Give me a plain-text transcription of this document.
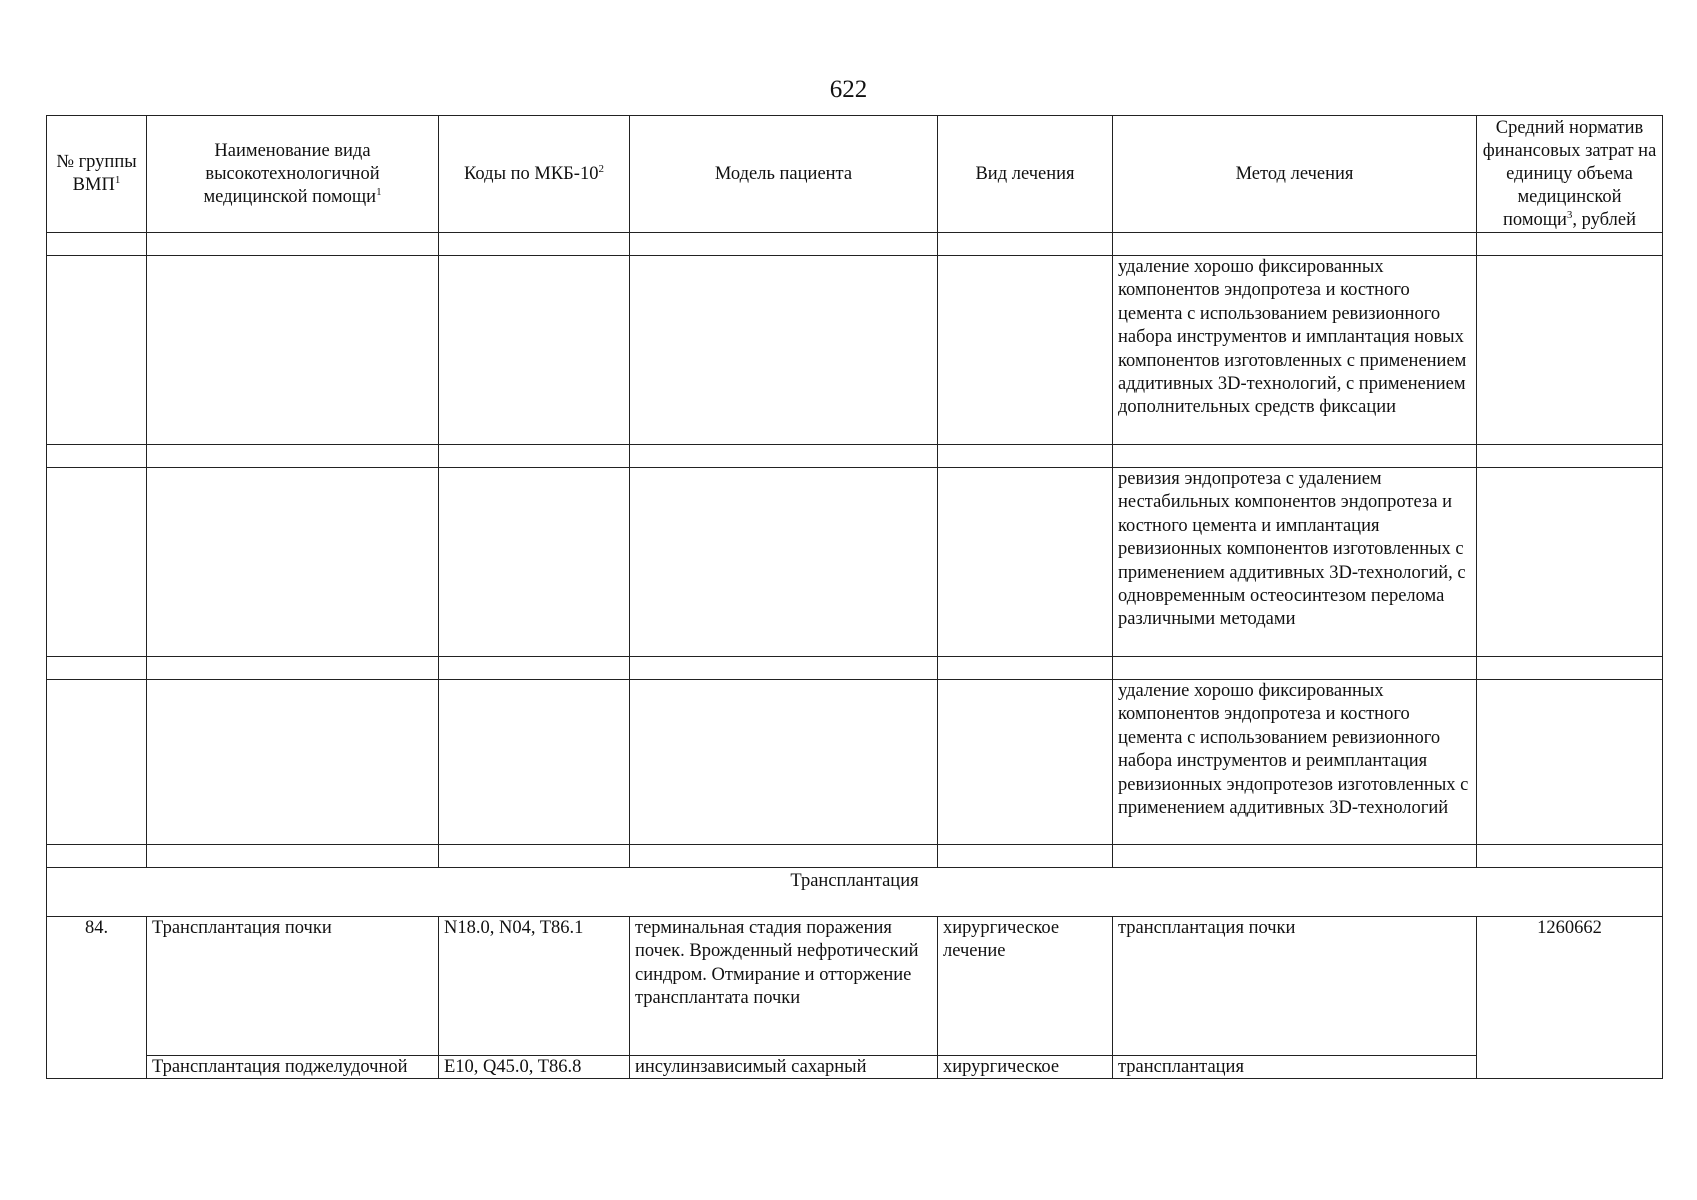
622
№ группы ВМП$^1$	Наименование вида высокотехнологичной медицинской помощи$^1$	Коды по МКБ-$10^2$	Модель пациента	Вид лечения	Метод лечения	Средний норматив финансовых затрат на единицу объема медицинской помощи$^3$, рублей

					удаление хорошо фиксированных компонентов эндопротеза и костного цемента с использованием ревизионного набора инструментов и имплантация новых компонентов изготовленных с применением аддитивных 3D-технологий, с применением дополнительных средств фиксации	

					ревизия эндопротеза с удалением нестабильных компонентов эндопротеза и костного цемента и имплантация ревизионных компонентов изготовленных с применением аддитивных 3D-технологий, с одновременным остеосинтезом перелома различными методами	

					удаление хорошо фиксированных компонентов эндопротеза и костного цемента с использованием ревизионного набора инструментов и реимплантация ревизионных эндопротезов изготовленных с применением аддитивных 3D-технологий	

Трансплантация						
84.	Трансплантация почки	N18.0, N04, T86.1	терминальная стадия поражения почек. Врожденный нефротический синдром. Отмирание и отторжение трансплантата почки	хирургическое лечение	трансплантация почки	1260662
	Трансплантация поджелудочной	E10, Q45.0, T86.8	инсулинзависимый сахарный	хирургическое	трансплантация	
